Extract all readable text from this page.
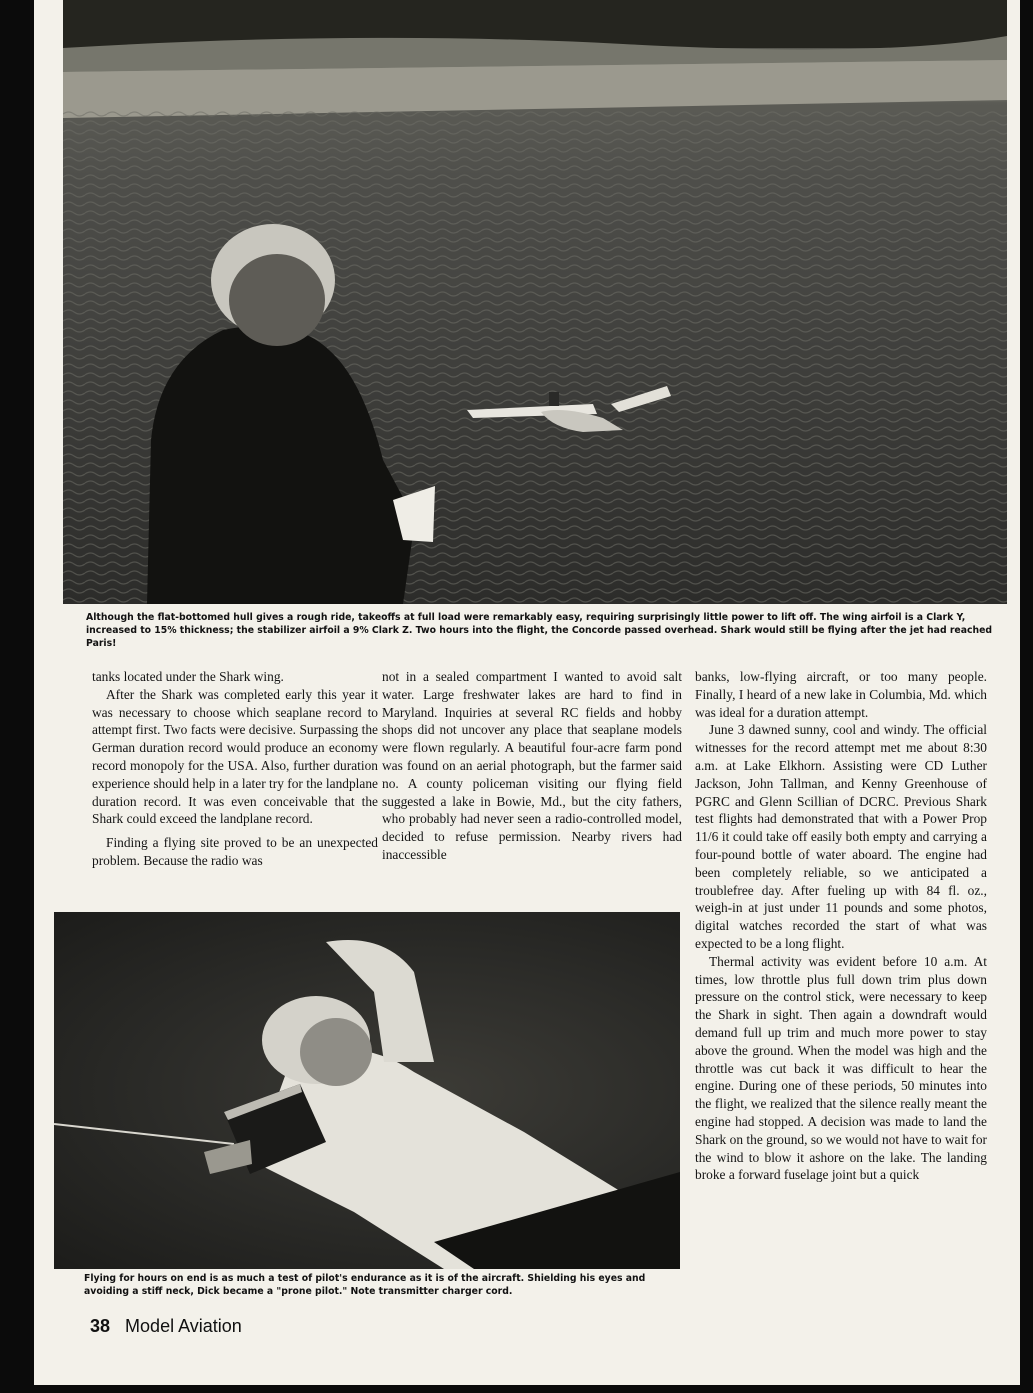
Although the flat-bottomed hull gives a rough ride, takeoffs at full load were remarkably easy, requiring surprisingly little power to lift off. The wing airfoil is a Clark Y, increased to 15% thickness; the stabilizer airfoil a 9% Clark Z. Two hours into the flight, the Concorde passed overhead. Shark would still be flying after the jet had reached Paris!

tanks located under the Shark wing.

After the Shark was completed early this year it was necessary to choose which seaplane record to attempt first. Two facts were decisive. Surpassing the German duration record would produce an economy record monopoly for the USA. Also, further duration experience should help in a later try for the landplane duration record. It was even conceivable that the Shark could exceed the landplane record.

Finding a flying site proved to be an unexpected problem. Because the radio was

not in a sealed compartment I wanted to avoid salt water. Large freshwater lakes are hard to find in Maryland. Inquiries at several RC fields and hobby shops did not uncover any place that seaplane models were flown regularly. A beautiful four-acre farm pond was found on an aerial photograph, but the farmer said no. A county policeman visiting our flying field suggested a lake in Bowie, Md., but the city fathers, who probably had never seen a radio-controlled model, decided to refuse permission. Nearby rivers had inaccessible

banks, low-flying aircraft, or too many people. Finally, I heard of a new lake in Columbia, Md. which was ideal for a duration attempt.

June 3 dawned sunny, cool and windy. The official witnesses for the record attempt met me about 8:30 a.m. at Lake Elkhorn. Assisting were CD Luther Jackson, John Tallman, and Kenny Greenhouse of PGRC and Glenn Scillian of DCRC. Previous Shark test flights had demonstrated that with a Power Prop 11/6 it could take off easily both empty and carrying a four-pound bottle of water aboard. The engine had been completely reliable, so we anticipated a troublefree day. After fueling up with 84 fl. oz., weigh-in at just under 11 pounds and some photos, digital watches recorded the start of what was expected to be a long flight.

Thermal activity was evident before 10 a.m. At times, low throttle plus full down trim plus down pressure on the control stick, were necessary to keep the Shark in sight. Then again a downdraft would demand full up trim and much more power to stay above the ground. When the model was high and the throttle was cut back it was difficult to hear the engine. During one of these periods, 50 minutes into the flight, we realized that the silence really meant the engine had stopped. A decision was made to land the Shark on the ground, so we would not have to wait for the wind to blow it ashore on the lake. The landing broke a forward fuselage joint but a quick

Flying for hours on end is as much a test of pilot's endurance as it is of the aircraft. Shielding his eyes and avoiding a stiff neck, Dick became a "prone pilot." Note transmitter charger cord.
38 Model Aviation
